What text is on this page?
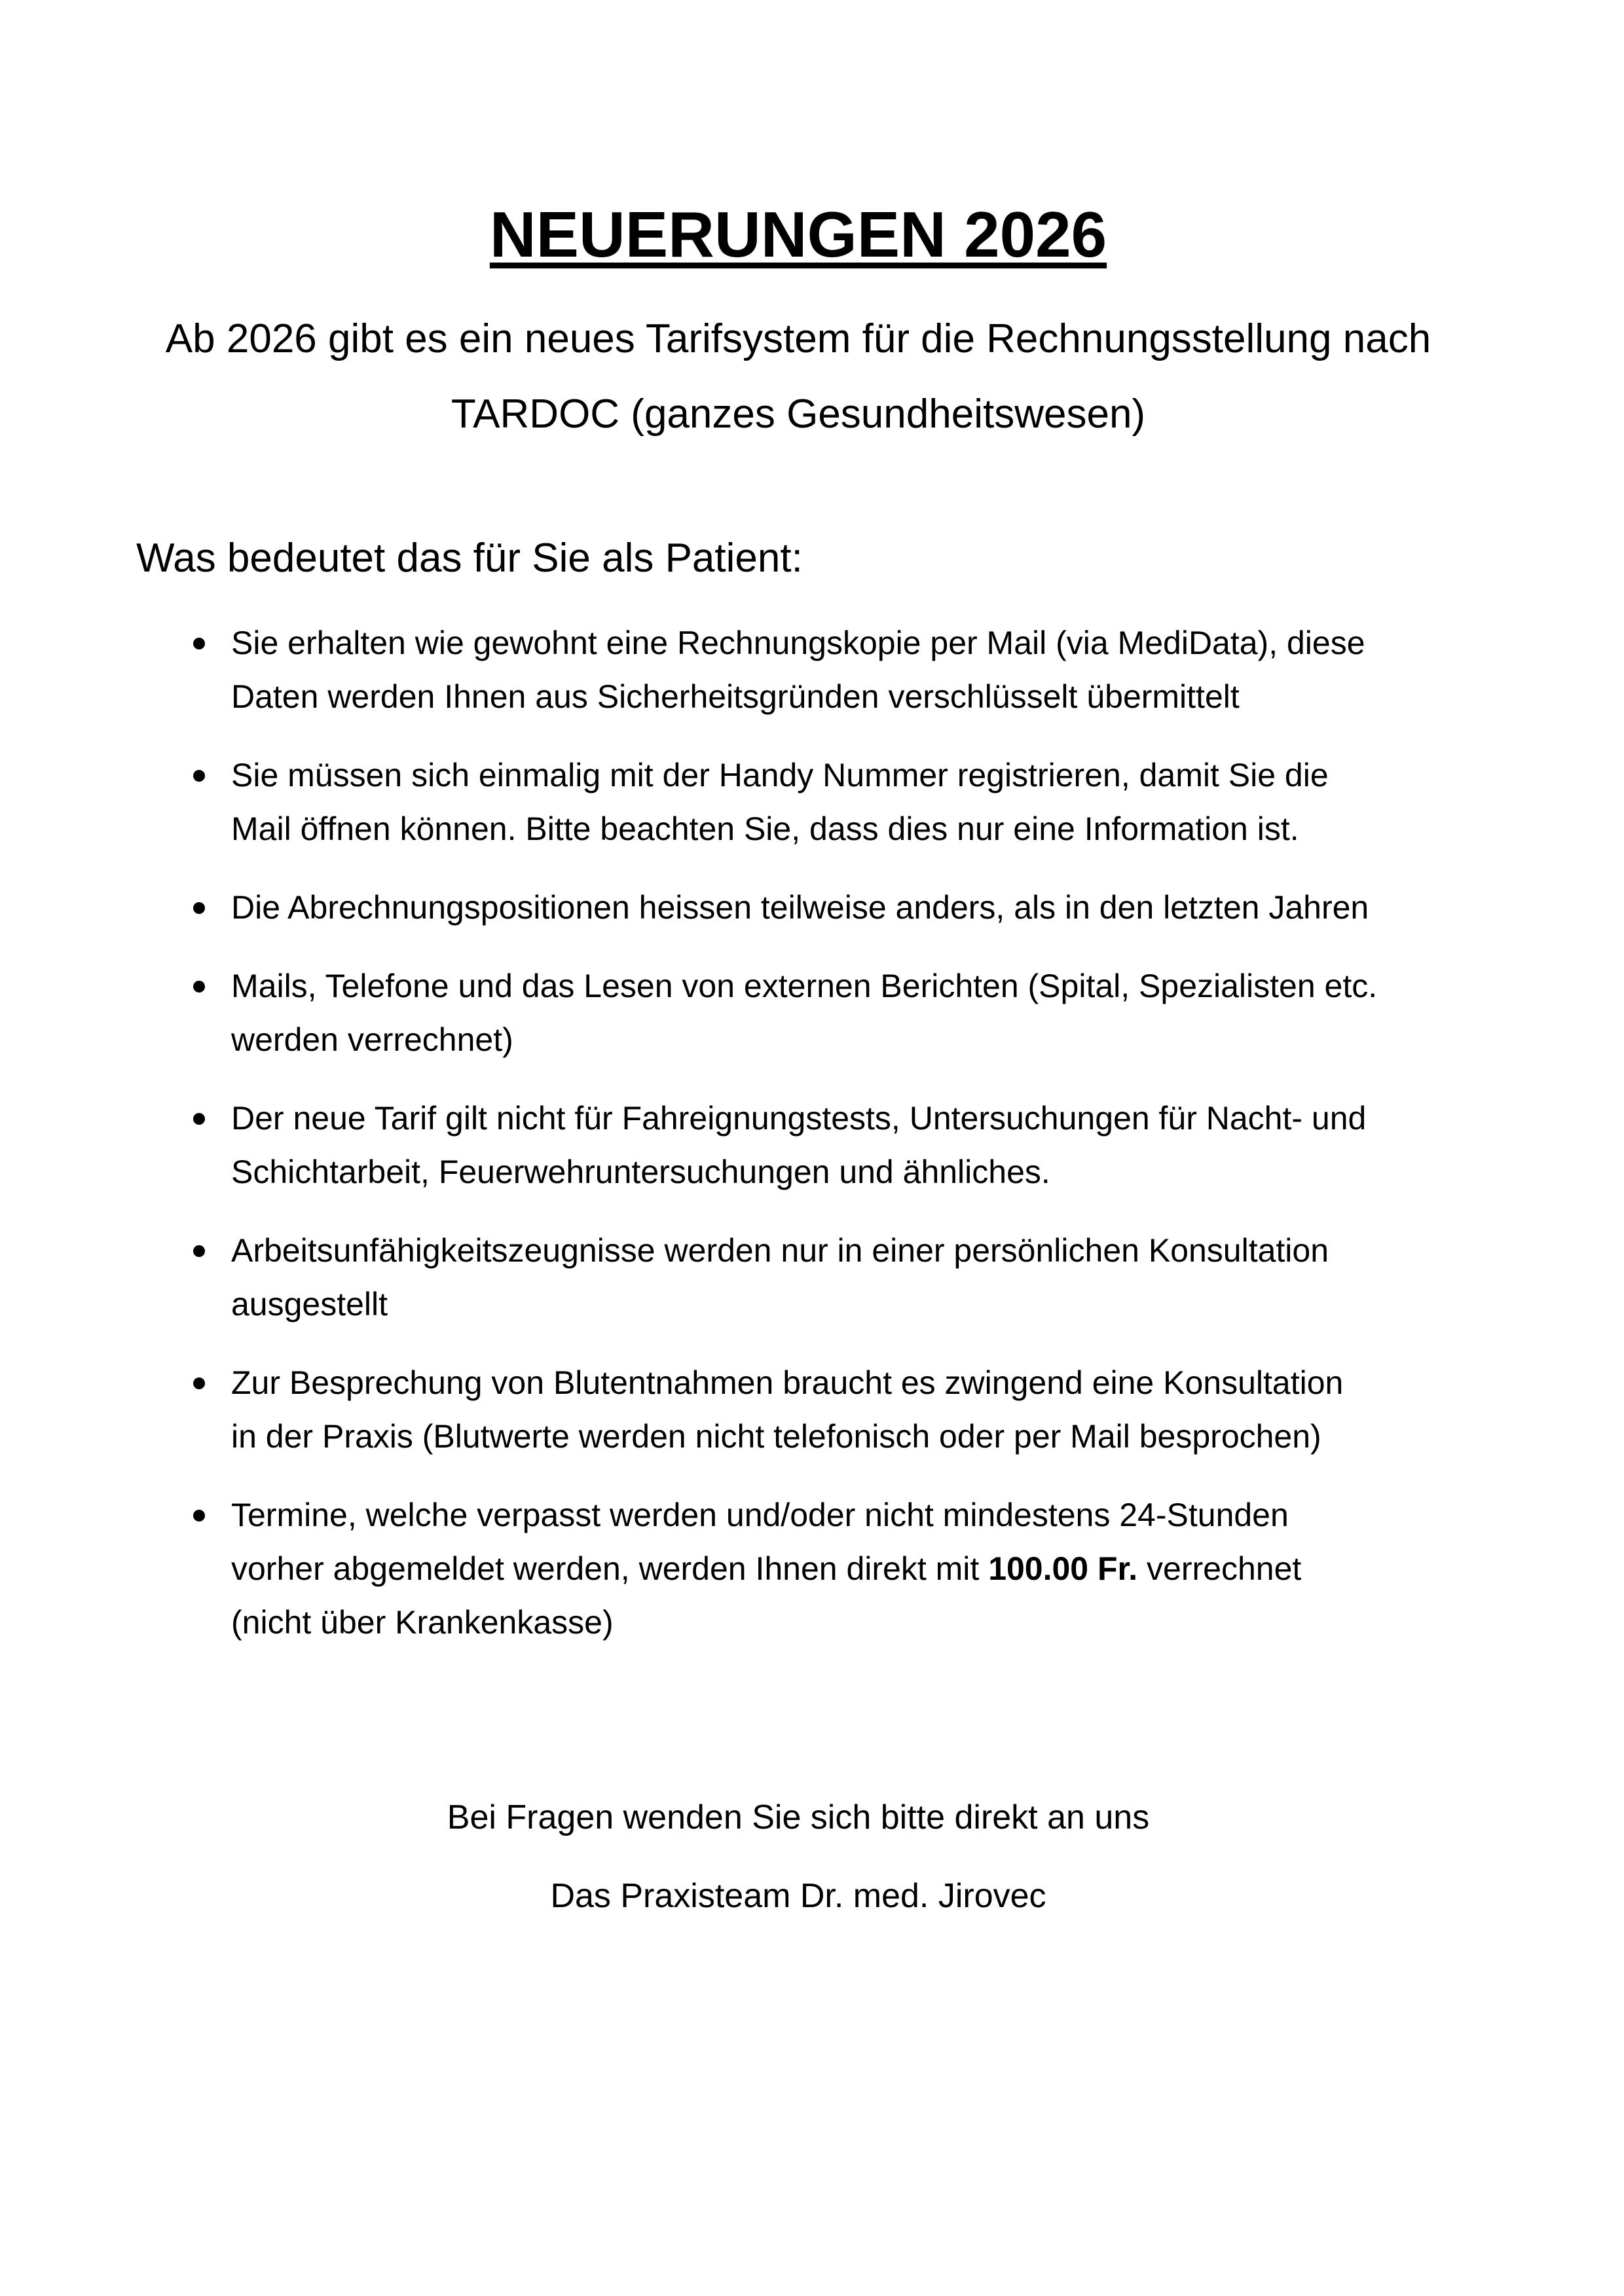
NEUERUNGEN 2026

Ab 2026 gibt es ein neues Tarifsystem für die Rechnungsstellung nach
TARDOC (ganzes Gesundheitswesen)

Was bedeutet das für Sie als Patient:

Sie erhalten wie gewohnt eine Rechnungskopie per Mail (via MediData), diese
Daten werden Ihnen aus Sicherheitsgründen verschlüsselt übermittelt
Sie müssen sich einmalig mit der Handy Nummer registrieren, damit Sie die
Mail öffnen können. Bitte beachten Sie, dass dies nur eine Information ist.
Die Abrechnungspositionen heissen teilweise anders, als in den letzten Jahren
Mails, Telefone und das Lesen von externen Berichten (Spital, Spezialisten etc.
werden verrechnet)
Der neue Tarif gilt nicht für Fahreignungstests, Untersuchungen für Nacht- und
Schichtarbeit, Feuerwehruntersuchungen und ähnliches.
Arbeitsunfähigkeitszeugnisse werden nur in einer persönlichen Konsultation
ausgestellt
Zur Besprechung von Blutentnahmen braucht es zwingend eine Konsultation
in der Praxis (Blutwerte werden nicht telefonisch oder per Mail besprochen)
Termine, welche verpasst werden und/oder nicht mindestens 24-Stunden
vorher abgemeldet werden, werden Ihnen direkt mit 100.00 Fr. verrechnet
(nicht über Krankenkasse)

Bei Fragen wenden Sie sich bitte direkt an uns

Das Praxisteam Dr. med. Jirovec
